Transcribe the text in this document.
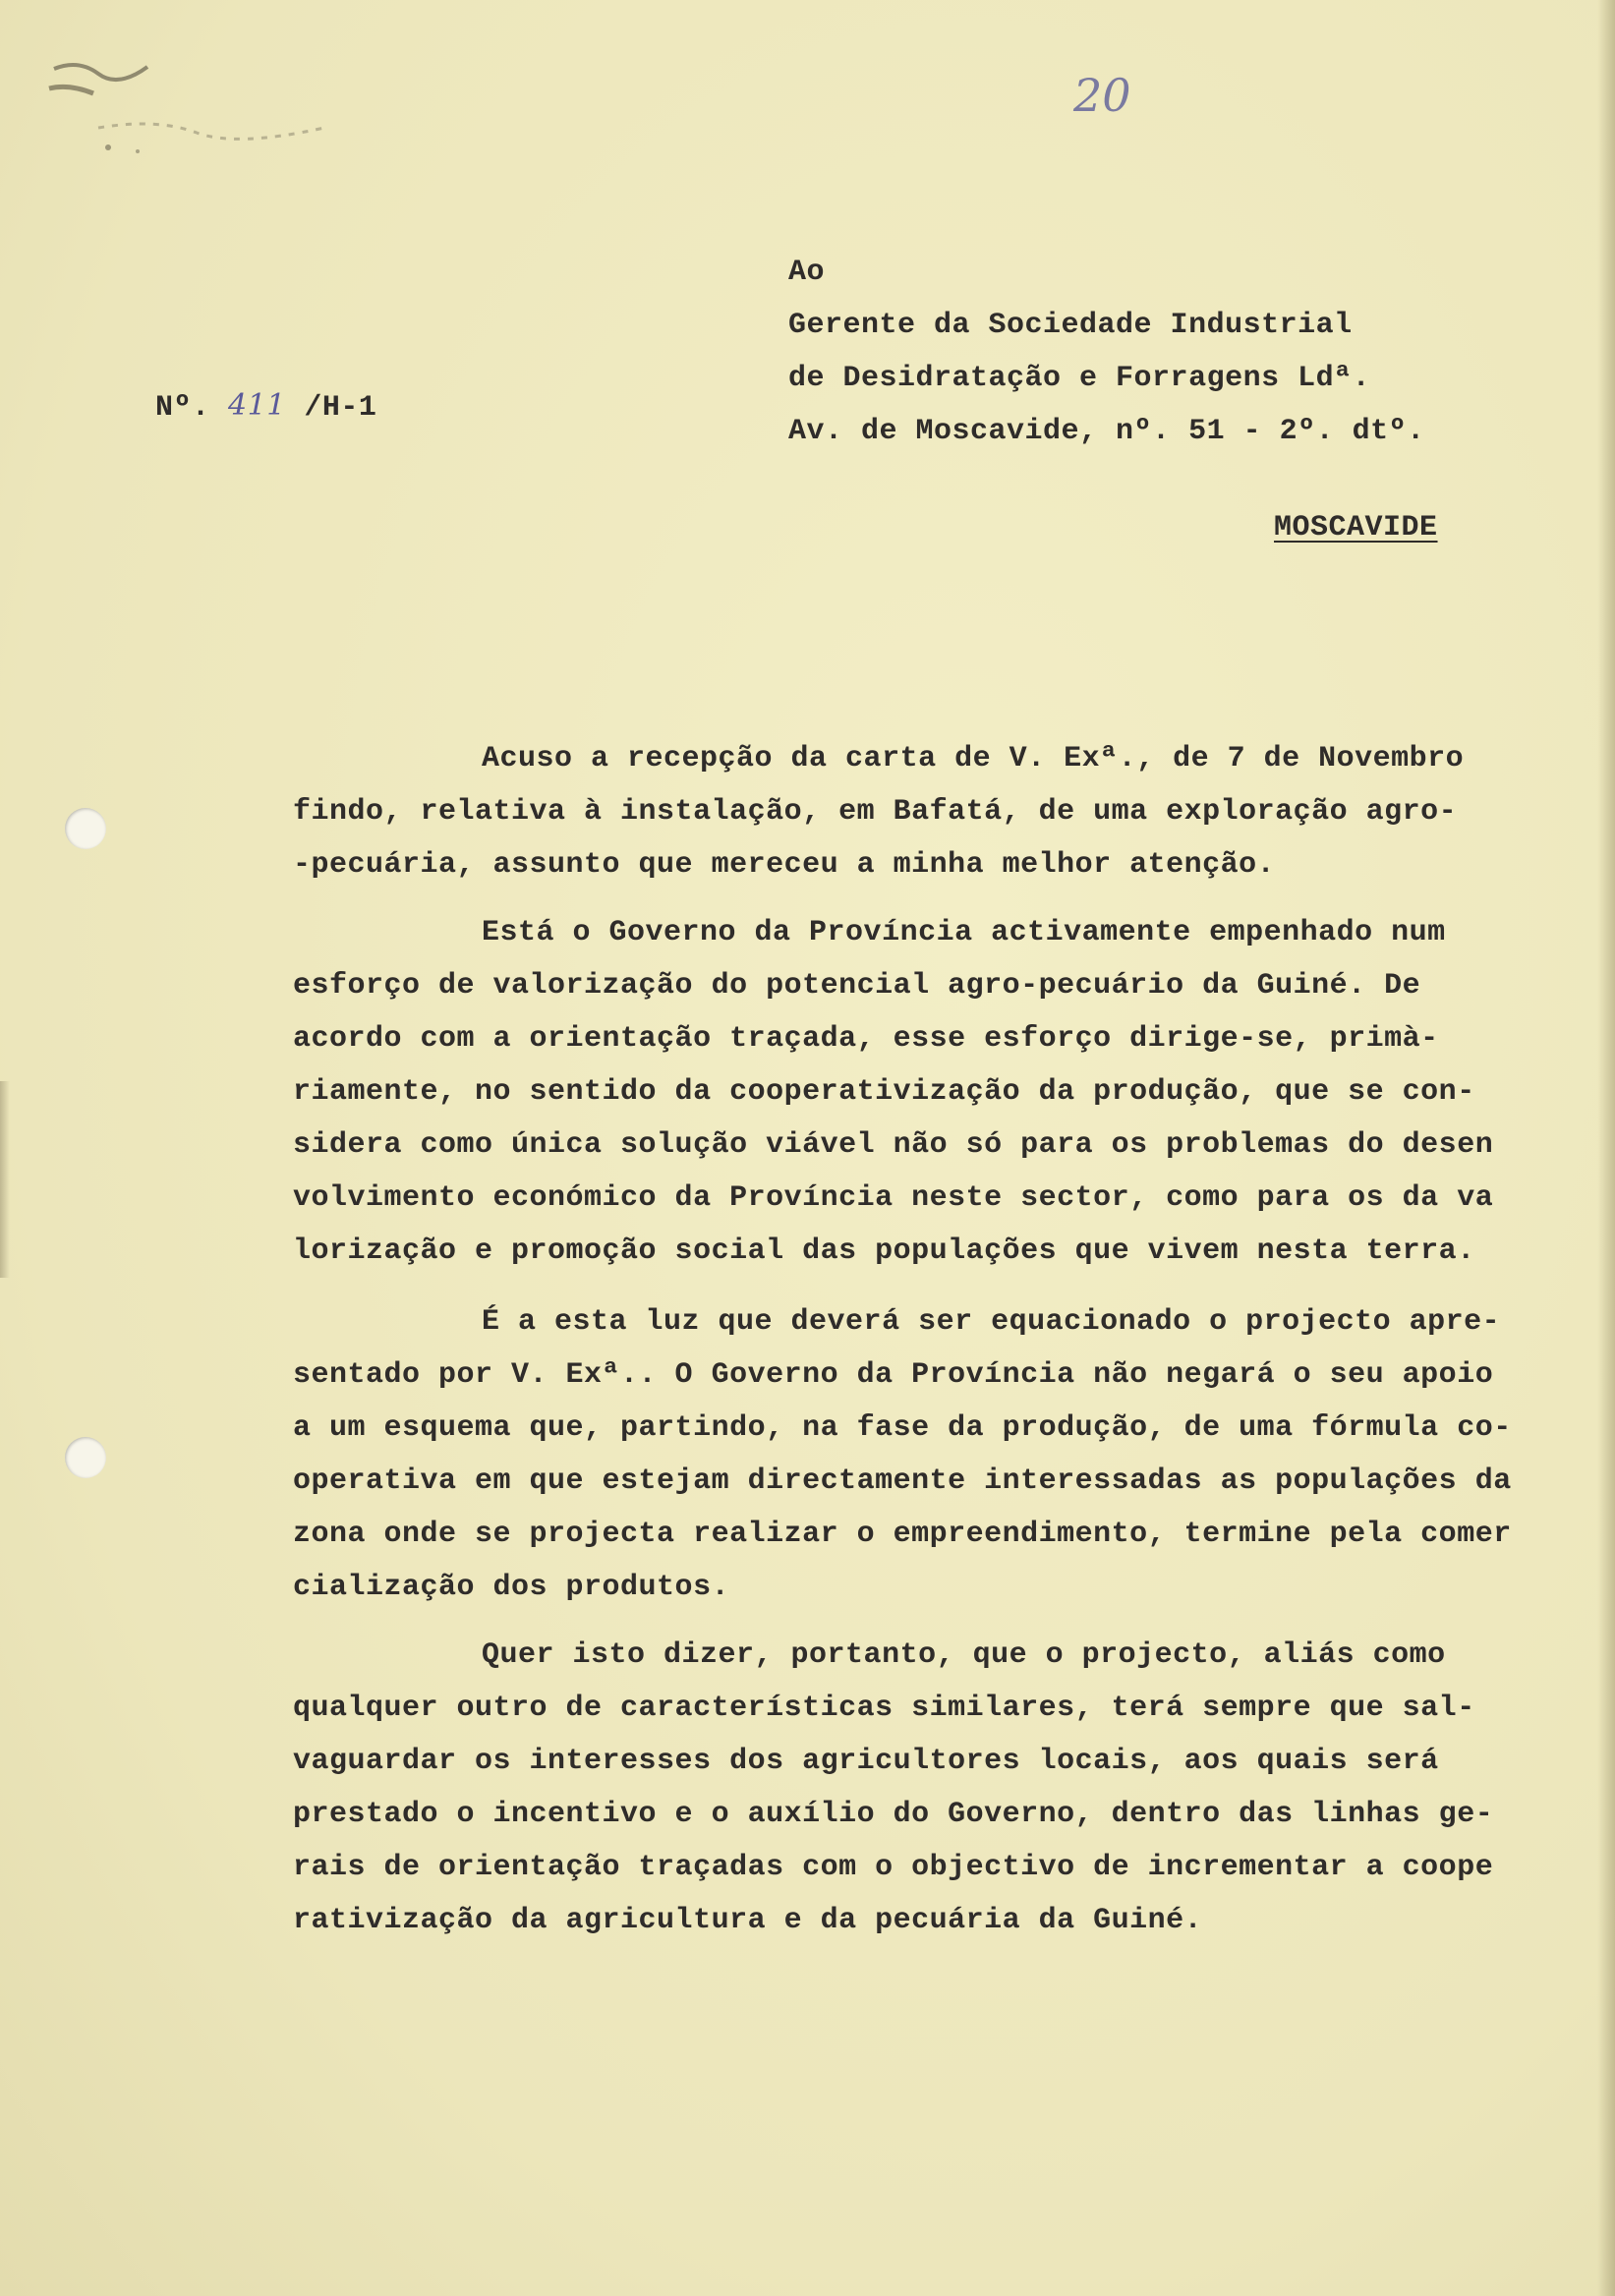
20
Nº. 411 /H-1
Ao
Gerente da Sociedade Industrial
de Desidratação e Forragens Ldª.
Av. de Moscavide, nº. 51 - 2º. dtº.
MOSCAVIDE

Acuso a recepção da carta de V. Exª., de 7 de Novembro
findo, relativa à instalação, em Bafatá, de uma exploração agro-
-pecuária, assunto que mereceu a minha melhor atenção.

Está o Governo da Província activamente empenhado num
esforço de valorização do potencial agro-pecuário da Guiné. De
acordo com a orientação traçada, esse esforço dirige-se, primà-
riamente, no sentido da cooperativização da produção, que se con-
sidera como única solução viável não só para os problemas do desen
volvimento económico da Província neste sector, como para os da va
lorização e promoção social das populações que vivem nesta terra.

É a esta luz que deverá ser equacionado o projecto apre-
sentado por V. Exª.. O Governo da Província não negará o seu apoio
a um esquema que, partindo, na fase da produção, de uma fórmula co-
operativa em que estejam directamente interessadas as populações da
zona onde se projecta realizar o empreendimento, termine pela comer
cialização dos produtos.

Quer isto dizer, portanto, que o projecto, aliás como
qualquer outro de características similares, terá sempre que sal-
vaguardar os interesses dos agricultores locais, aos quais será
prestado o incentivo e o auxílio do Governo, dentro das linhas ge-
rais de orientação traçadas com o objectivo de incrementar a coope
rativização da agricultura e da pecuária da Guiné.
